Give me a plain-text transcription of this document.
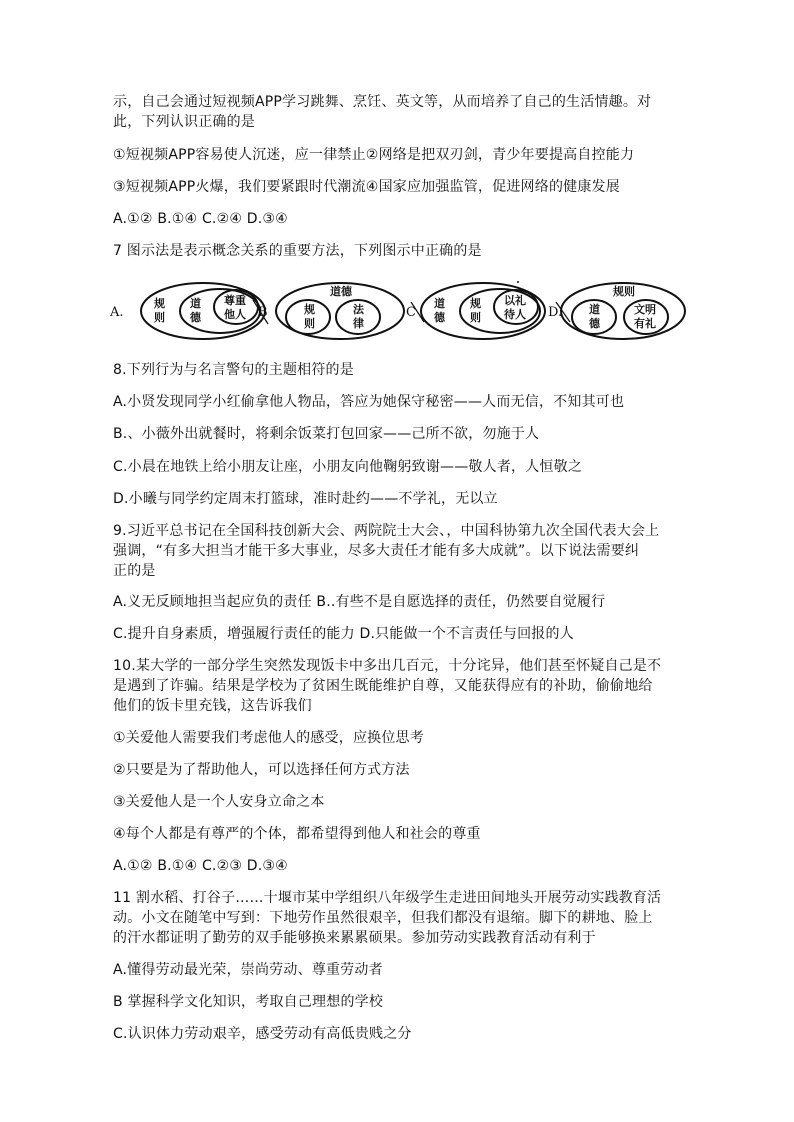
示，自己会通过短视频APP学习跳舞、烹饪、英文等，从而培养了自己的生活情趣。对
此，下列认识正确的是
①短视频APP容易使人沉迷，应一律禁止②网络是把双刃剑，青少年要提高自控能力
③短视频APP火爆，我们要紧跟时代潮流④国家应加强监管，促进网络的健康发展
A.①② B.①④ C.②④ D.③④
7 图示法是表示概念关系的重要方法，下列图示中正确的是
A.
规
则
道
德
尊重
他人 B
道德
规
则
法
律
C
道
德
规
则
以礼
待人 D.
规则
道
德
文明
有礼
8.下列行为与名言警句的主题相符的是
A.小贤发现同学小红偷拿他人物品，答应为她保守秘密——人而无信，不知其可也
B.、小薇外出就餐时，将剩余饭菜打包回家——己所不欲，勿施于人
C.小晨在地铁上给小朋友让座，小朋友向他鞠躬致谢——敬人者，人恒敬之
D.小曦与同学约定周末打篮球，准时赴约——不学礼，无以立
9.习近平总书记在全国科技创新大会、两院院士大会、，中国科协第九次全国代表大会上
强调，“有多大担当才能干多大事业，尽多大责任才能有多大成就”。以下说法需要纠
正的是
A.义无反顾地担当起应负的责任 B..有些不是自愿选择的责任，仍然要自觉履行
C.提升自身素质，增强履行责任的能力 D.只能做一个不言责任与回报的人
10.某大学的一部分学生突然发现饭卡中多出几百元，十分诧异，他们甚至怀疑自己是不
是遇到了诈骗。结果是学校为了贫困生既能维护自尊，又能获得应有的补助，偷偷地给
他们的饭卡里充钱，这告诉我们
①关爱他人需要我们考虑他人的感受，应换位思考
②只要是为了帮助他人，可以选择任何方式方法
③关爱他人是一个人安身立命之本
④每个人都是有尊严的个体，都希望得到他人和社会的尊重
A.①② B.①④ C.②③ D.③④
11 割水稻、打谷子……十堰市某中学组织八年级学生走进田间地头开展劳动实践教育活
动。小文在随笔中写到：下地劳作虽然很艰辛，但我们都没有退缩。脚下的耕地、脸上
的汗水都证明了勤劳的双手能够换来累累硕果。参加劳动实践教育活动有利于
A.懂得劳动最光荣，崇尚劳动、尊重劳动者
B 掌握科学文化知识，考取自己理想的学校
C.认识体力劳动艰辛，感受劳动有高低贵贱之分
